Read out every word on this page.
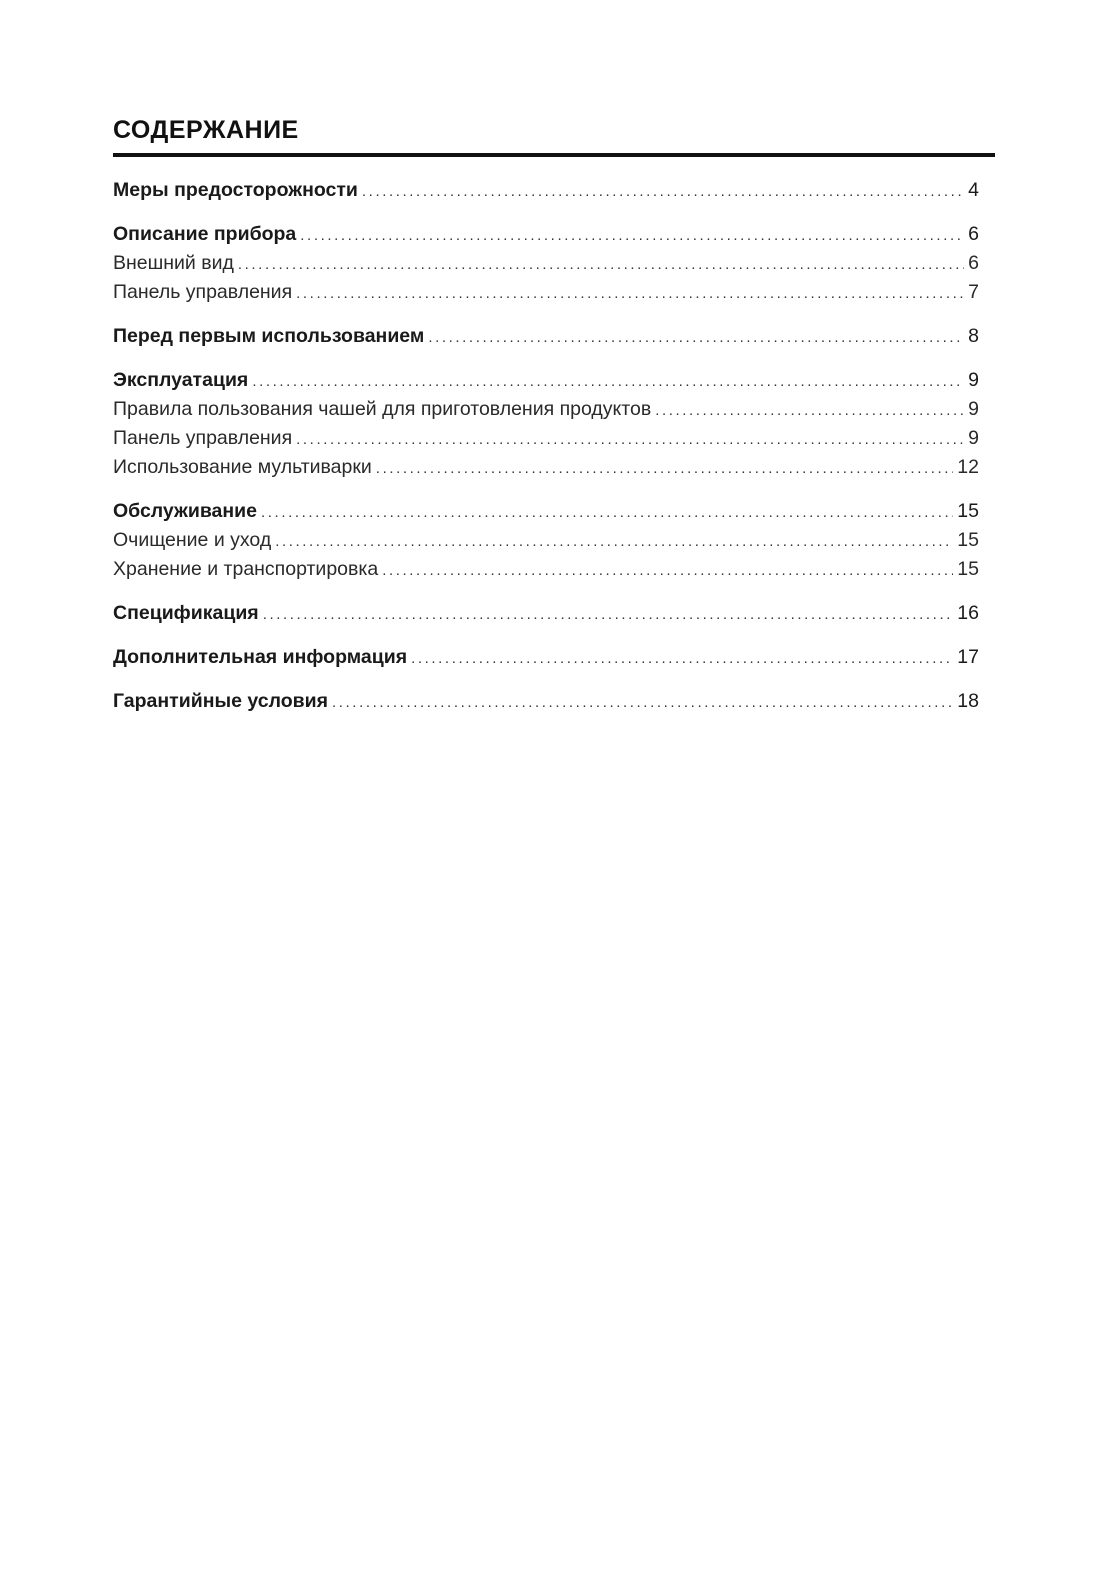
СОДЕРЖАНИЕ
Меры предосторожности .....	4
Описание прибора .....	6
Внешний вид .....	6
Панель управления .....	7
Перед первым использованием .....	8
Эксплуатация .....	9
Правила пользования чашей для приготовления продуктов .....	9
Панель управления .....	9
Использование мультиварки .....	12
Обслуживание .....	15
Очищение и уход .....	15
Хранение и транспортировка .....	15
Спецификация .....	16
Дополнительная информация .....	17
Гарантийные условия .....	18
